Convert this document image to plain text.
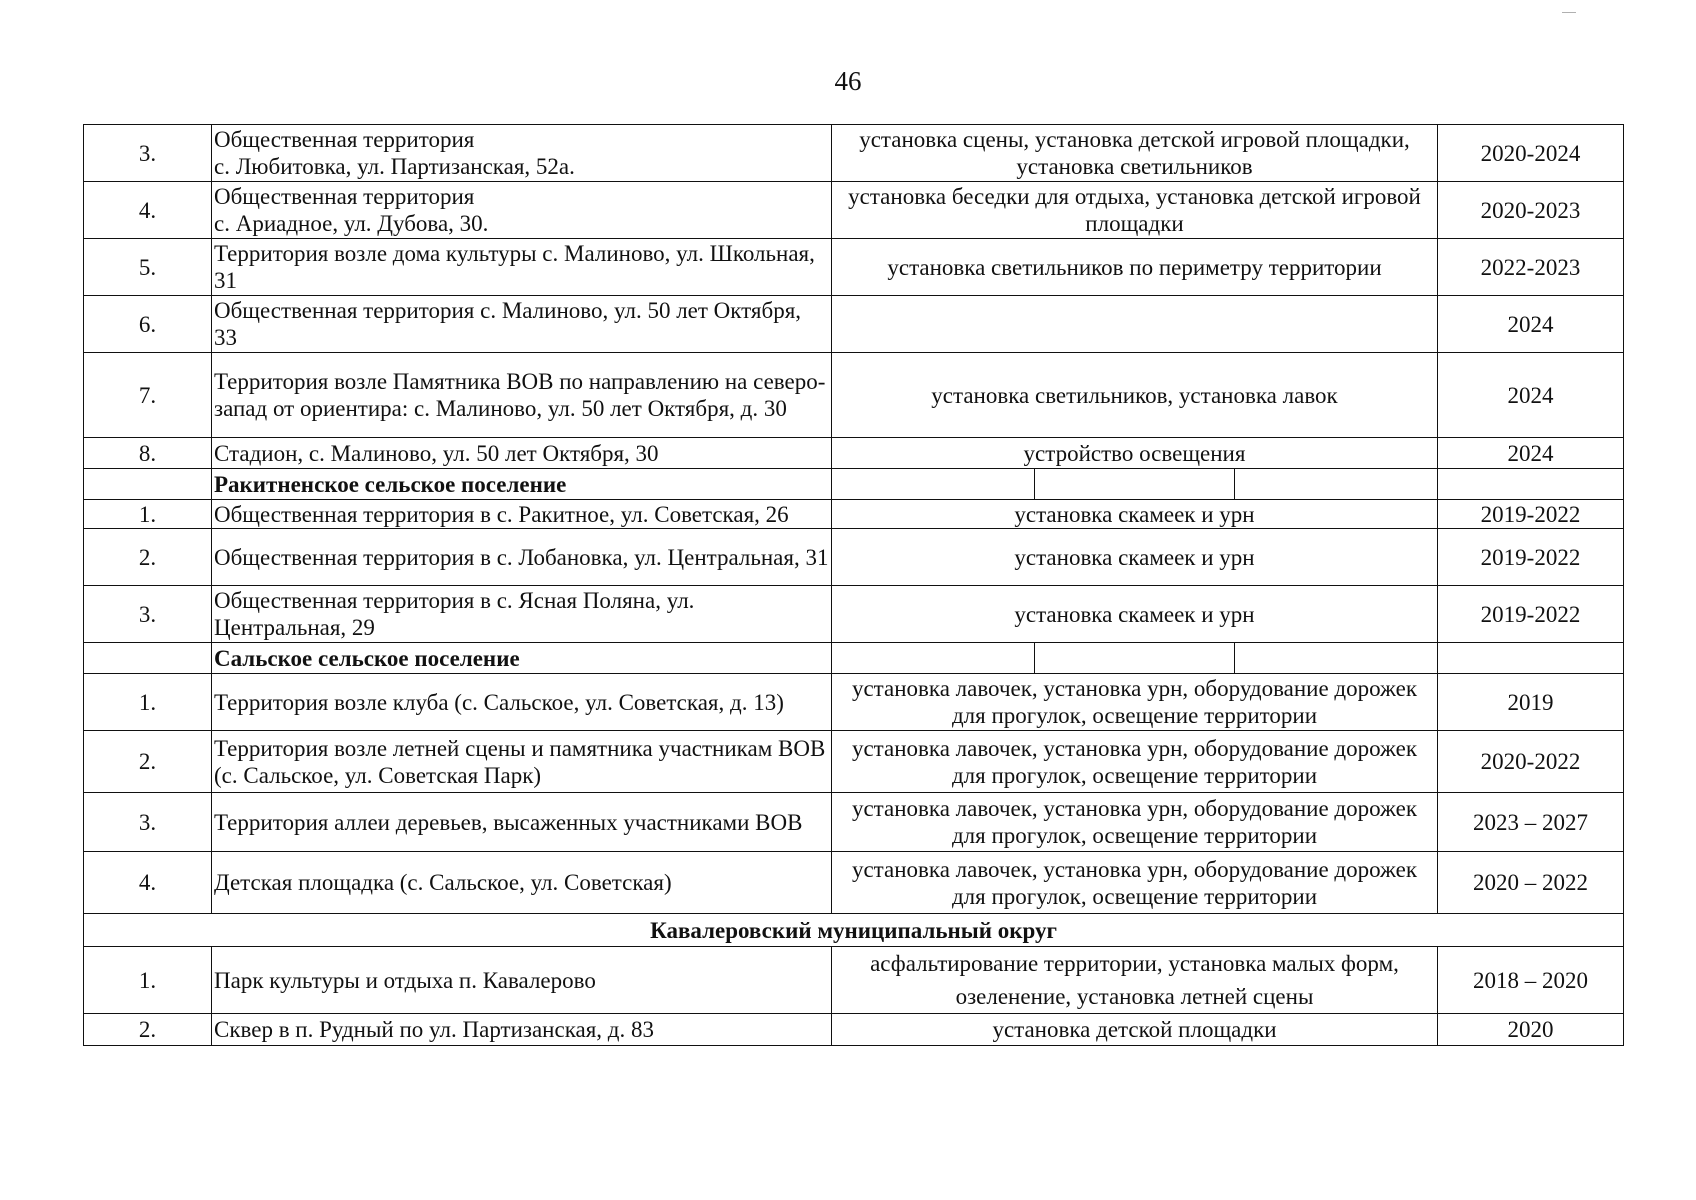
46
3.	Общественная территория
с. Любитовка, ул. Партизанская, 52а.	установка сцены, установка детской игровой площадки, установка светильников	2020-2024
4.	Общественная территория
с. Ариадное, ул. Дубова, 30.	установка беседки для отдыха, установка детской игровой площадки	2020-2023
5.	Территория возле дома культуры с. Малиново, ул. Школьная, 31	установка светильников по периметру территории	2022-2023
6.	Общественная территория с. Малиново, ул. 50 лет Октября, 33		2024
7.	Территория возле Памятника ВОВ по направлению на северо-запад от ориентира: с. Малиново, ул. 50 лет Октября, д. 30	установка светильников, установка лавок	2024
8.	Стадион, с. Малиново, ул. 50 лет Октября, 30	устройство освещения	2024
	Ракитненское сельское поселение	

1.	Общественная территория в с. Ракитное, ул. Советская, 26	установка скамеек и урн	2019-2022
2.	Общественная территория в с. Лобановка, ул. Центральная, 31	установка скамеек и урн	2019-2022
3.	Общественная территория в с. Ясная Поляна, ул. Центральная, 29	установка скамеек и урн	2019-2022
	Сальское сельское поселение	

1.	Территория возле клуба (с. Сальское, ул. Советская, д. 13)	установка лавочек, установка урн, оборудование дорожек для прогулок, освещение территории	2019
2.	Территория возле летней сцены и памятника участникам ВОВ (с. Сальское, ул. Советская Парк)	установка лавочек, установка урн, оборудование дорожек для прогулок, освещение территории	2020-2022
3.	Территория аллеи деревьев, высаженных участниками ВОВ	установка лавочек, установка урн, оборудование дорожек для прогулок, освещение территории	2023 – 2027
4.	Детская площадка (с. Сальское, ул. Советская)	установка лавочек, установка урн, оборудование дорожек для прогулок, освещение территории	2020 – 2022
Кавалеровский муниципальный округ			
1.	Парк культуры и отдыха п. Кавалерово	асфальтирование территории, установка малых форм, озеленение, установка летней сцены	2018 – 2020
2.	Сквер в п. Рудный по ул. Партизанская, д. 83	установка детской площадки	2020
